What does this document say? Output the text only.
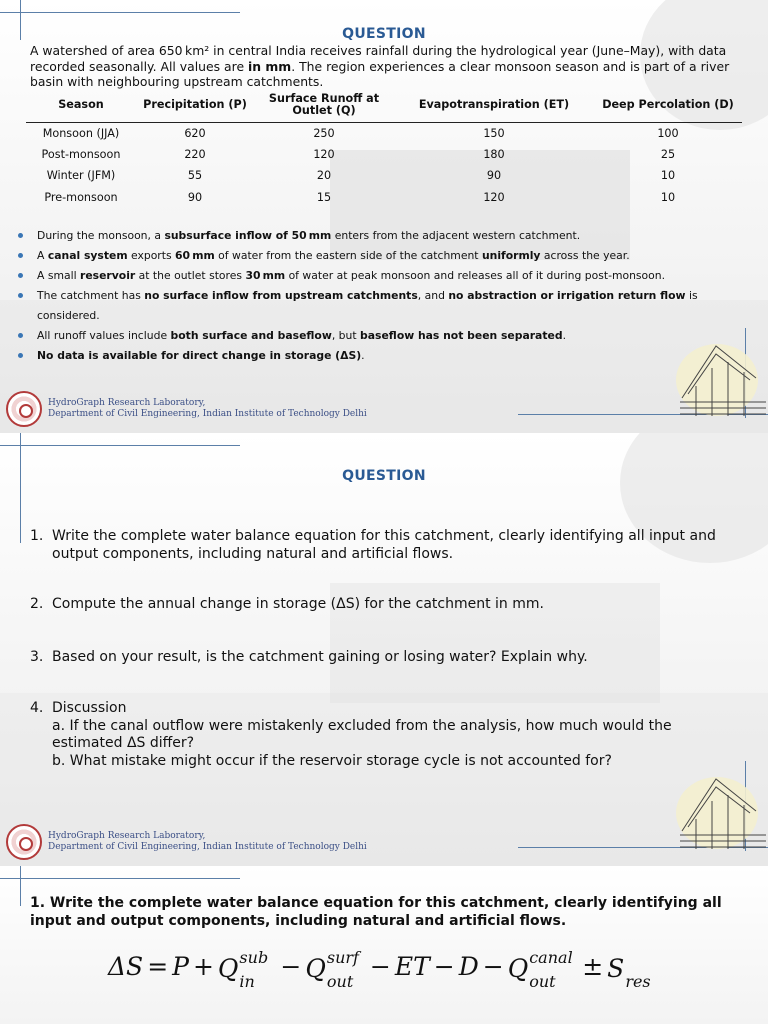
QUESTION

A watershed of area 650 km² in central India receives rainfall during the hydrological year (June–May), with data recorded seasonally. All values are in mm. The region experiences a clear monsoon season and is part of a river basin with neighbouring upstream catchments.

Season	Precipitation (P)	Surface Runoff at Outlet (Q)	Evapotranspiration (ET)	Deep Percolation (D)
Monsoon (JJA)	620	250	150	100
Post-monsoon	220	120	180	25
Winter (JFM)	55	20	90	10
Pre-monsoon	90	15	120	10
During the monsoon, a subsurface inflow of 50 mm enters from the adjacent western catchment.
A canal system exports 60 mm of water from the eastern side of the catchment uniformly across the year.
A small reservoir at the outlet stores 30 mm of water at peak monsoon and releases all of it during post-monsoon.
The catchment has no surface inflow from upstream catchments, and no abstraction or irrigation return flow is considered.
All runoff values include both surface and baseflow, but baseflow has not been separated.
No data is available for direct change in storage (ΔS).
HydroGraph Research Laboratory,
Department of Civil Engineering, Indian Institute of Technology Delhi
QUESTION
1. Write the complete water balance equation for this catchment, clearly identifying all input and
output components, including natural and artificial flows.
2. Compute the annual change in storage (ΔS) for the catchment in mm.
3. Based on your result, is the catchment gaining or losing water? Explain why.
4. Discussion
a. If the canal outflow were mistakenly excluded from the analysis, how much would the
estimated ΔS differ?
b. What mistake might occur if the reservoir storage cycle is not accounted for?
HydroGraph Research Laboratory,
Department of Civil Engineering, Indian Institute of Technology Delhi
1. Write the complete water balance equation for this catchment, clearly identifying all input and output components, including natural and artificial flows.
ΔS = P + Q sub
in
− Q surf
out
− ET − D − Q canal
out
± S res
